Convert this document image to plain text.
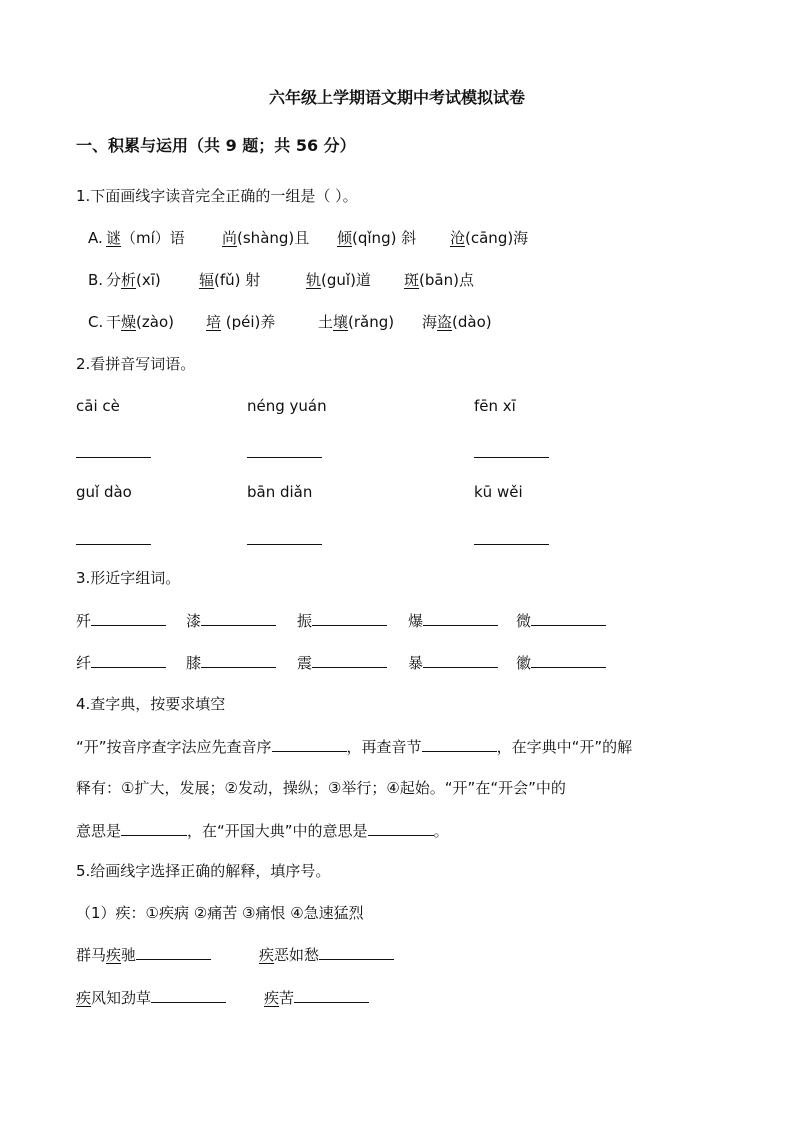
六年级上学期语文期中考试模拟试卷
一、积累与运用（共 9 题；共 56 分）
1.下面画线字读音完全正确的一组是（ ）。
A. 谜（mí）语 尚(shàng)且 倾(qǐng) 斜 沧(cāng)海
B. 分析(xī)	辐(fǔ) 射	轨(guǐ)道 斑(bān)点
C. 干燥(zào) 培 (péi)养	土壤(rǎng) 海盗(dào)
2.看拼音写词语。
cāi cè	néng yuán	fēn xī
guǐ dào	bān diǎn	kū wěi
3.形近字组词。
歼	漆	振	爆	微
纤	膝	震	暴	徽
4.查字典，按要求填空
“开”按音序查字法应先查音序	，再查音节	，在字典中“开”的解
释有：①扩大，发展；②发动，操纵；③举行；④起始。“开”在“开会”中的
意思是	，在“开国大典”中的意思是	。
5.给画线字选择正确的解释，填序号。
（1）疾：①疾病 ②痛苦 ③痛恨 ④急速猛烈
群马疾驰	疾恶如愁
疾风知劲草	疾苦
